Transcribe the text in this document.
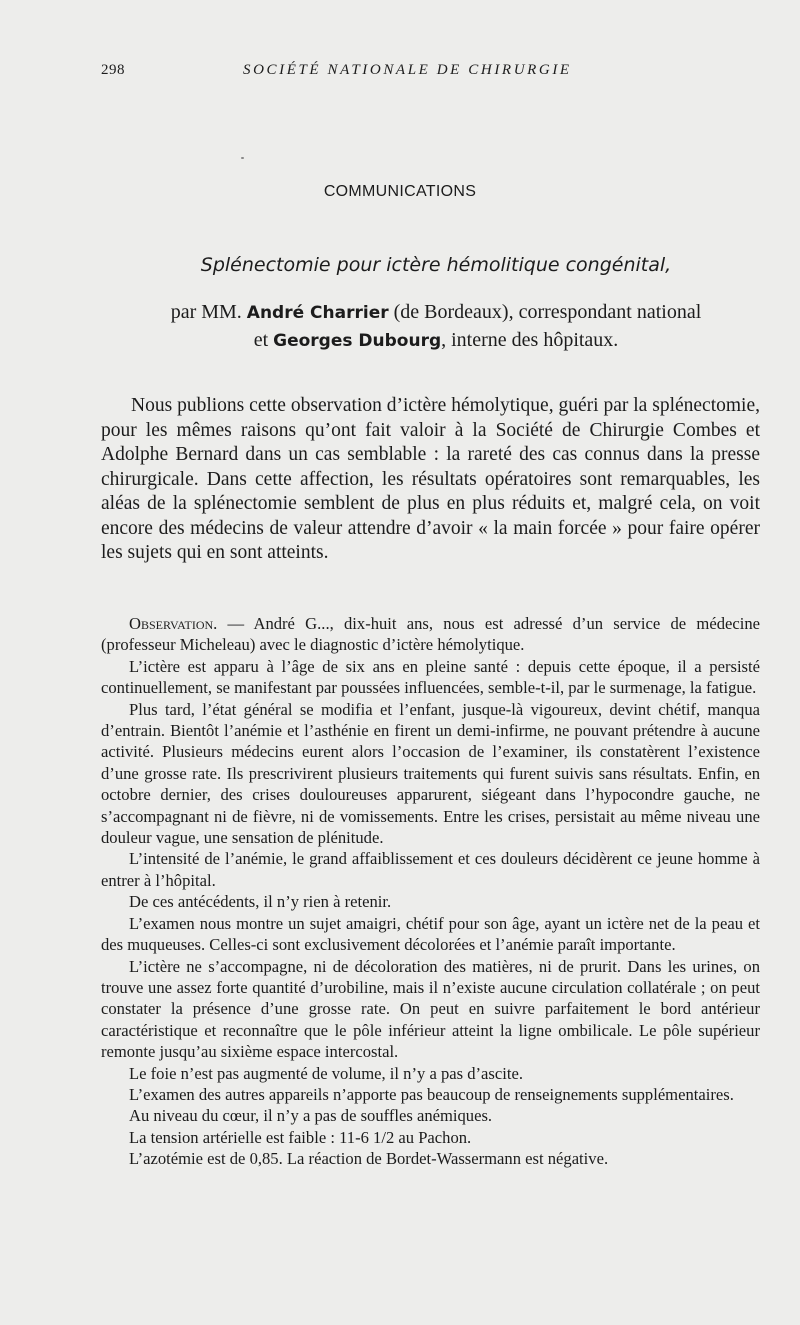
298	SOCIÉTÉ NATIONALE DE CHIRURGIE
COMMUNICATIONS
Splénectomie pour ictère hémolitique congénital,
par MM. André Charrier (de Bordeaux), correspondant national
et Georges Dubourg, interne des hôpitaux.

Nous publions cette observation d’ictère hémolytique, guéri par la splénectomie, pour les mêmes raisons qu’ont fait valoir à la Société de Chirurgie Combes et Adolphe Bernard dans un cas semblable : la rareté des cas connus dans la presse chirurgicale. Dans cette affection, les résultats opératoires sont remarquables, les aléas de la splénectomie semblent de plus en plus réduits et, malgré cela, on voit encore des médecins de valeur attendre d’avoir « la main forcée » pour faire opérer les sujets qui en sont atteints.

Observation. — André G..., dix-huit ans, nous est adressé d’un service de médecine (professeur Micheleau) avec le diagnostic d’ictère hémolytique.

L’ictère est apparu à l’âge de six ans en pleine santé : depuis cette époque, il a persisté continuellement, se manifestant par poussées influencées, semble-t-il, par le surmenage, la fatigue.

Plus tard, l’état général se modifia et l’enfant, jusque-là vigoureux, devint chétif, manqua d’entrain. Bientôt l’anémie et l’asthénie en firent un demi-infirme, ne pouvant prétendre à aucune activité. Plusieurs médecins eurent alors l’occasion de l’examiner, ils constatèrent l’existence d’une grosse rate. Ils prescrivirent plusieurs traitements qui furent suivis sans résultats. Enfin, en octobre dernier, des crises douloureuses apparurent, siégeant dans l’hypocondre gauche, ne s’accompagnant ni de fièvre, ni de vomissements. Entre les crises, persistait au même niveau une douleur vague, une sensation de plénitude.

L’intensité de l’anémie, le grand affaiblissement et ces douleurs décidèrent ce jeune homme à entrer à l’hôpital.

De ces antécédents, il n’y rien à retenir.

L’examen nous montre un sujet amaigri, chétif pour son âge, ayant un ictère net de la peau et des muqueuses. Celles-ci sont exclusivement décolorées et l’anémie paraît importante.

L’ictère ne s’accompagne, ni de décoloration des matières, ni de prurit. Dans les urines, on trouve une assez forte quantité d’urobiline, mais il n’existe aucune circulation collatérale ; on peut constater la présence d’une grosse rate. On peut en suivre parfaitement le bord antérieur caractéristique et reconnaître que le pôle inférieur atteint la ligne ombilicale. Le pôle supérieur remonte jusqu’au sixième espace intercostal.

Le foie n’est pas augmenté de volume, il n’y a pas d’ascite.

L’examen des autres appareils n’apporte pas beaucoup de renseignements supplémentaires.

Au niveau du cœur, il n’y a pas de souffles anémiques.

La tension artérielle est faible : 11-6 1/2 au Pachon.

L’azotémie est de 0,85. La réaction de Bordet-Wassermann est négative.
